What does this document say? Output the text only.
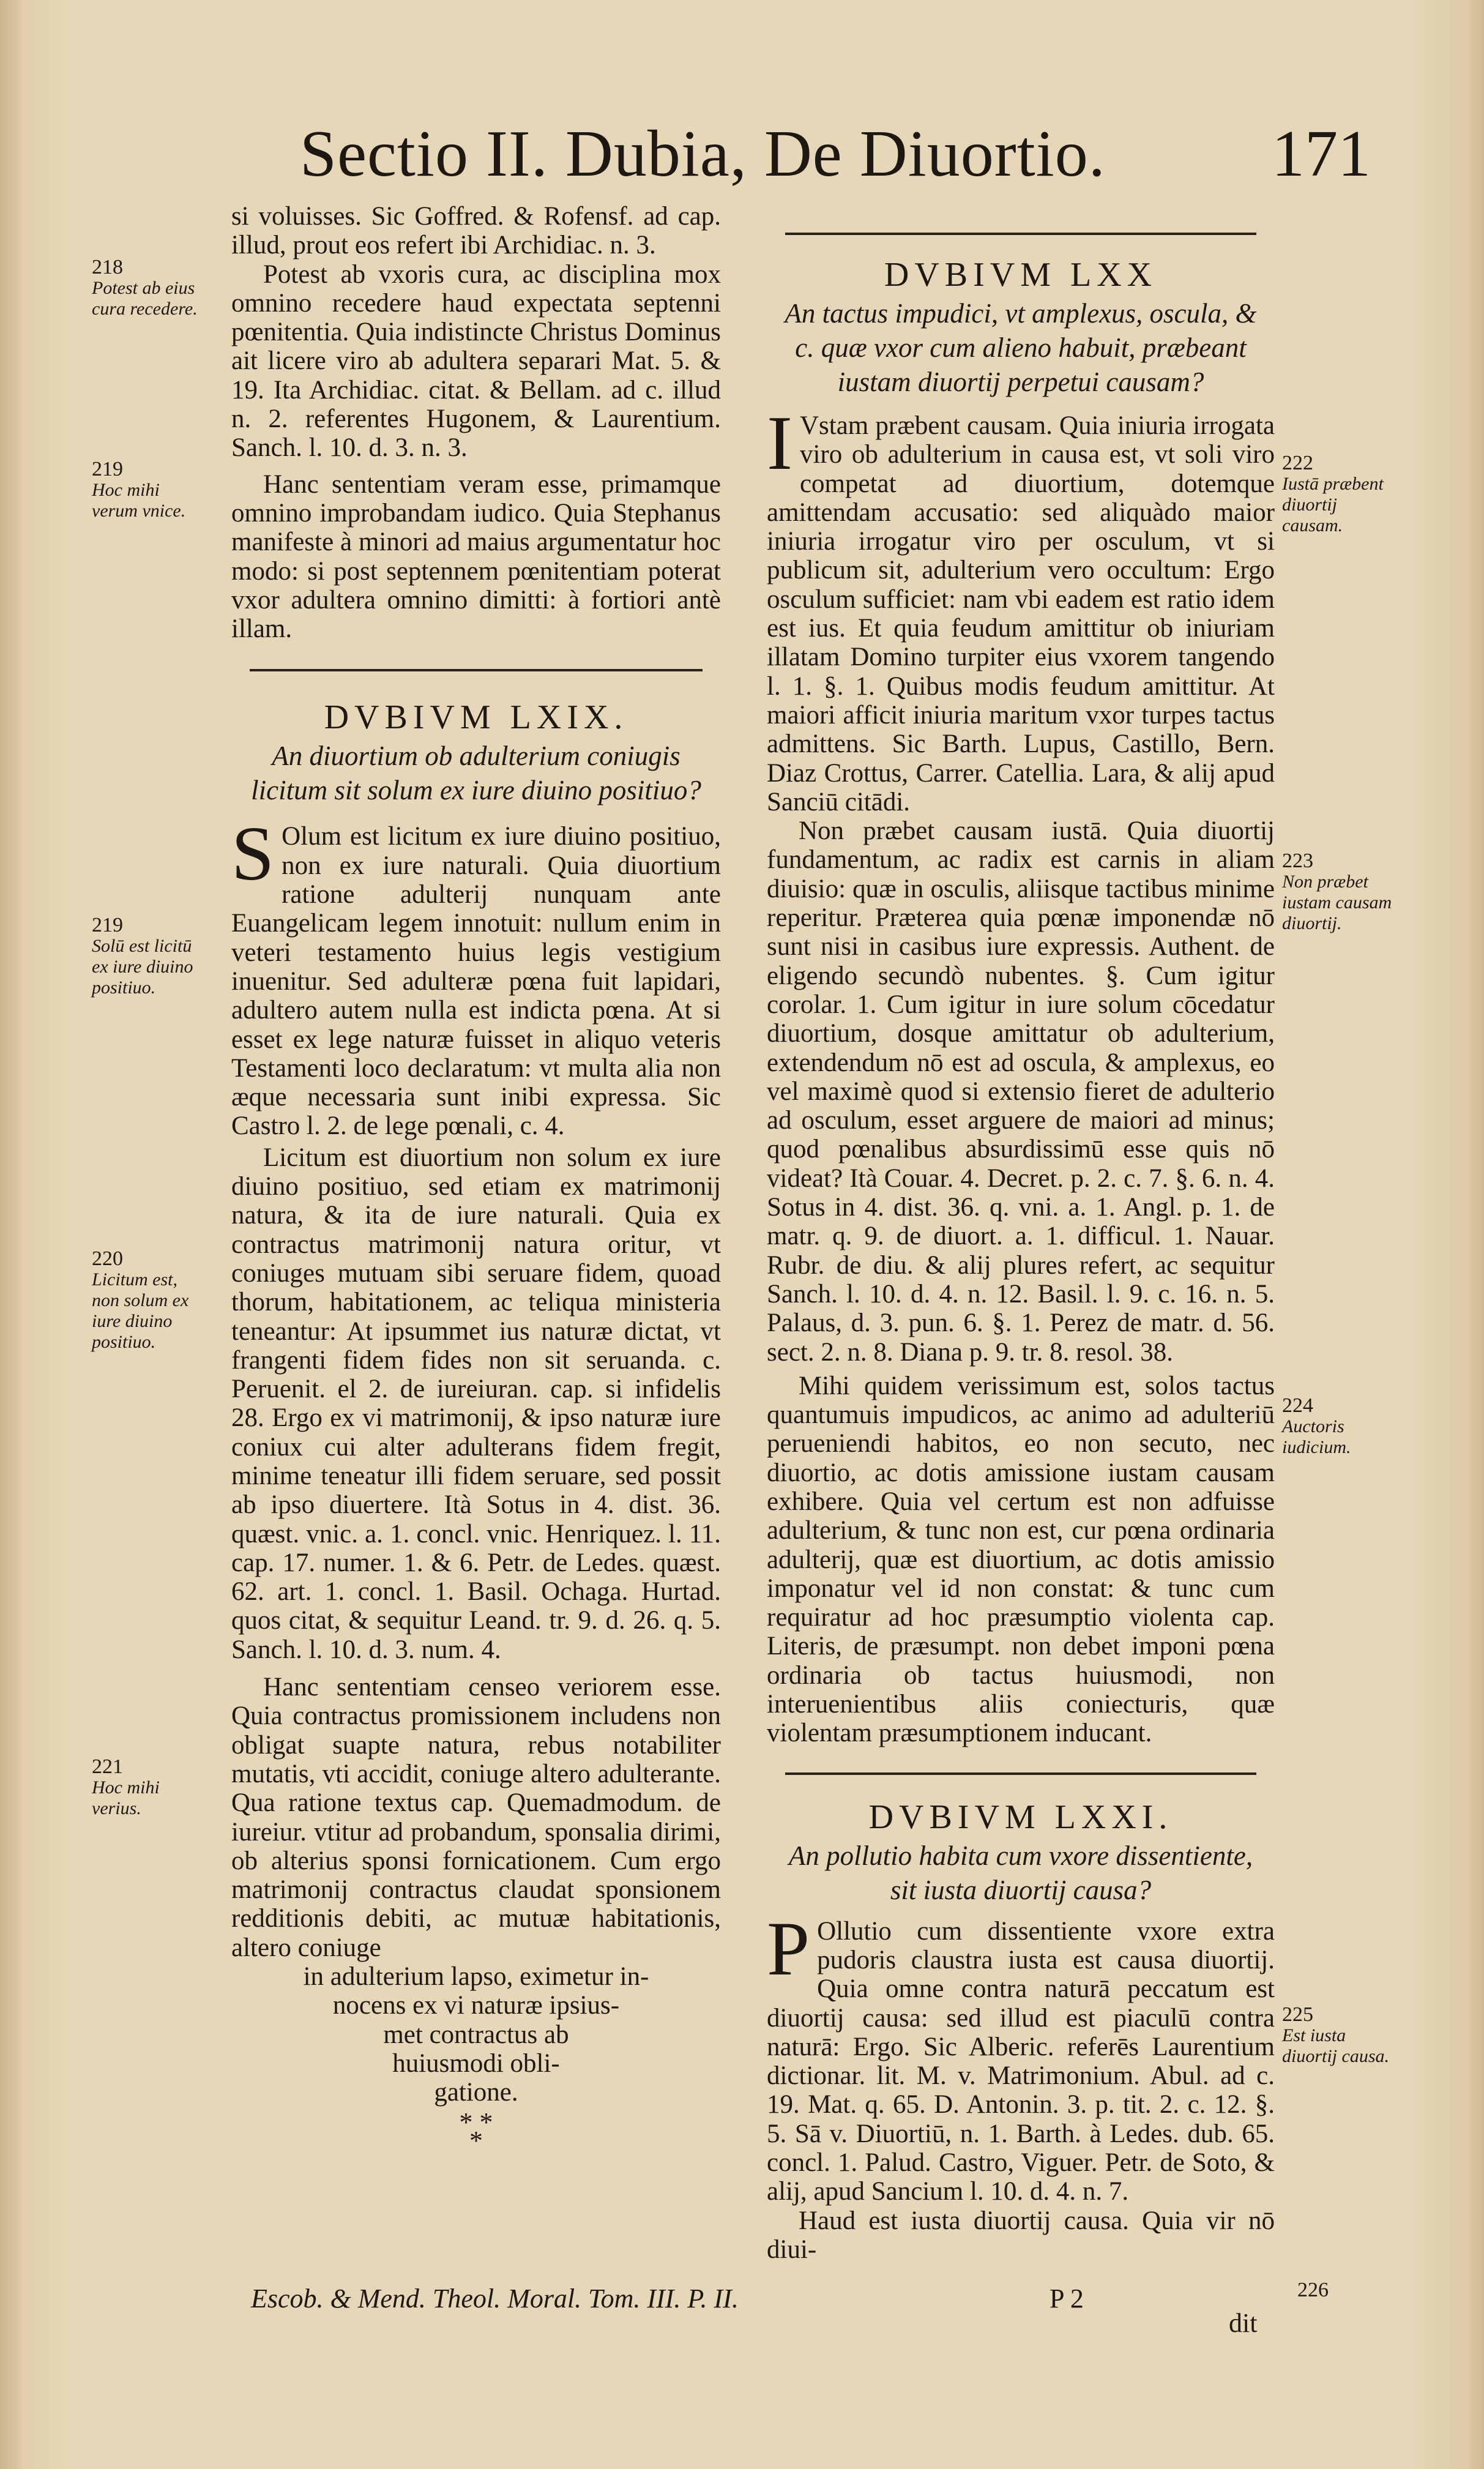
Sectio II. Dubia, De Diuortio.	171

si voluisses. Sic Goffred. & Rofensf. ad cap. illud, prout eos refert ibi Archidiac. n. 3.

Potest ab vxoris cura, ac disciplina mox omnino recedere haud expectata septenni pœnitentia. Quia indistincte Christus Dominus ait licere viro ab adultera separari Mat. 5. & 19. Ita Archidiac. citat. & Bellam. ad c. illud n. 2. referentes Hugonem, & Laurentium. Sanch. l. 10. d. 3. n. 3.

Hanc sententiam veram esse, primamque omnino improbandam iudico. Quia Stephanus manifeste à minori ad maius argumentatur hoc modo: si post septennem pœnitentiam poterat vxor adultera omnino dimitti: à fortiori antè illam.

DVBIVM LXIX.

An diuortium ob adulterium coniugis licitum sit solum ex iure diuino positiuo?

S Olum est licitum ex iure diuino positiuo, non ex iure naturali. Quia diuortium ratione adulterij nunquam ante Euangelicam legem innotuit: nullum enim in veteri testamento huius legis vestigium inuenitur. Sed adulteræ pœna fuit lapidari, adultero autem nulla est indicta pœna. At si esset ex lege naturæ fuisset in aliquo veteris Testamenti loco declaratum: vt multa alia non æque necessaria sunt inibi expressa. Sic Castro l. 2. de lege pœnali, c. 4.

Licitum est diuortium non solum ex iure diuino positiuo, sed etiam ex matrimonij natura, & ita de iure naturali. Quia ex contractus matrimonij natura oritur, vt coniuges mutuam sibi seruare fidem, quoad thorum, habitationem, ac teliqua ministeria teneantur: At ipsummet ius naturæ dictat, vt frangenti fidem fides non sit seruanda. c. Peruenit. el 2. de iureiuran. cap. si infidelis 28. Ergo ex vi matrimonij, & ipso naturæ iure coniux cui alter adulterans fidem fregit, minime teneatur illi fidem seruare, sed possit ab ipso diuertere. Ità Sotus in 4. dist. 36. quæst. vnic. a. 1. concl. vnic. Henriquez. l. 11. cap. 17. numer. 1. & 6. Petr. de Ledes. quæst. 62. art. 1. concl. 1. Basil. Ochaga. Hurtad. quos citat, & sequitur Leand. tr. 9. d. 26. q. 5. Sanch. l. 10. d. 3. num. 4.

Hanc sententiam censeo veriorem esse. Quia contractus promissionem includens non obligat suapte natura, rebus notabiliter mutatis, vti accidit, coniuge altero adulterante. Qua ratione textus cap. Quemadmodum. de iureiur. vtitur ad probandum, sponsalia dirimi, ob alterius sponsi fornicationem. Cum ergo matrimonij contractus claudat sponsionem redditionis debiti, ac mutuæ habitationis, altero coniuge

in adulterium lapso, eximetur in-

nocens ex vi naturæ ipsius-

met contractus ab

huiusmodi obli-

gatione.

* *
*

DVBIVM LXX

An tactus impudici, vt amplexus, oscula, & c. quæ vxor cum alieno habuit, præbeant iustam diuortij perpetui causam?

I Vstam præbent causam. Quia iniuria irrogata viro ob adulterium in causa est, vt soli viro competat ad diuortium, dotemque amittendam accusatio: sed aliquàdo maior iniuria irrogatur viro per osculum, vt si publicum sit, adulterium vero occultum: Ergo osculum sufficiet: nam vbi eadem est ratio idem est ius. Et quia feudum amittitur ob iniuriam illatam Domino turpiter eius vxorem tangendo l. 1. §. 1. Quibus modis feudum amittitur. At maiori afficit iniuria maritum vxor turpes tactus admittens. Sic Barth. Lupus, Castillo, Bern. Diaz Crottus, Carrer. Catellia. Lara, & alij apud Sanciū citādi.

Non præbet causam iustā. Quia diuortij fundamentum, ac radix est carnis in aliam diuisio: quæ in osculis, aliisque tactibus minime reperitur. Præterea quia pœnæ imponendæ nō sunt nisi in casibus iure expressis. Authent. de eligendo secundò nubentes. §. Cum igitur corolar. 1. Cum igitur in iure solum cōcedatur diuortium, dosque amittatur ob adulterium, extendendum nō est ad oscula, & amplexus, eo vel maximè quod si extensio fieret de adulterio ad osculum, esset arguere de maiori ad minus; quod pœnalibus absurdissimū esse quis nō videat? Ità Couar. 4. Decret. p. 2. c. 7. §. 6. n. 4. Sotus in 4. dist. 36. q. vni. a. 1. Angl. p. 1. de matr. q. 9. de diuort. a. 1. difficul. 1. Nauar. Rubr. de diu. & alij plures refert, ac sequitur Sanch. l. 10. d. 4. n. 12. Basil. l. 9. c. 16. n. 5. Palaus, d. 3. pun. 6. §. 1. Perez de matr. d. 56. sect. 2. n. 8. Diana p. 9. tr. 8. resol. 38.

Mihi quidem verissimum est, solos tactus quantumuis impudicos, ac animo ad adulteriū perueniendi habitos, eo non secuto, nec diuortio, ac dotis amissione iustam causam exhibere. Quia vel certum est non adfuisse adulterium, & tunc non est, cur pœna ordinaria adulterij, quæ est diuortium, ac dotis amissio imponatur vel id non constat: & tunc cum requiratur ad hoc præsumptio violenta cap. Literis, de præsumpt. non debet imponi pœna ordinaria ob tactus huiusmodi, non interuenientibus aliis coniecturis, quæ violentam præsumptionem inducant.

DVBIVM LXXI.

An pollutio habita cum vxore dissentiente, sit iusta diuortij causa?

P Ollutio cum dissentiente vxore extra pudoris claustra iusta est causa diuortij. Quia omne contra naturā peccatum est diuortij causa: sed illud est piaculū contra naturā: Ergo. Sic Alberic. referēs Laurentium dictionar. lit. M. v. Matrimonium. Abul. ad c. 19. Mat. q. 65. D. Antonin. 3. p. tit. 2. c. 12. §. 5. Sā v. Diuortiū, n. 1. Barth. à Ledes. dub. 65. concl. 1. Palud. Castro, Viguer. Petr. de Soto, & alij, apud Sancium l. 10. d. 4. n. 7.

Haud est iusta diuortij causa. Quia vir nō diui-

218
Potest ab eius cura recedere.
219
Hoc mihi verum vnice.
219
Solū est licitū ex iure diuino positiuo.
220
Licitum est, non solum ex iure diuino positiuo.
221
Hoc mihi verius.
222
Iustā præbent diuortij causam.
223
Non præbet iustam causam diuortij.
224
Auctoris iudicium.
225
Est iusta diuortij causa.
226
Escob. & Mend. Theol. Moral. Tom. III. P. II.	P 2
dit
